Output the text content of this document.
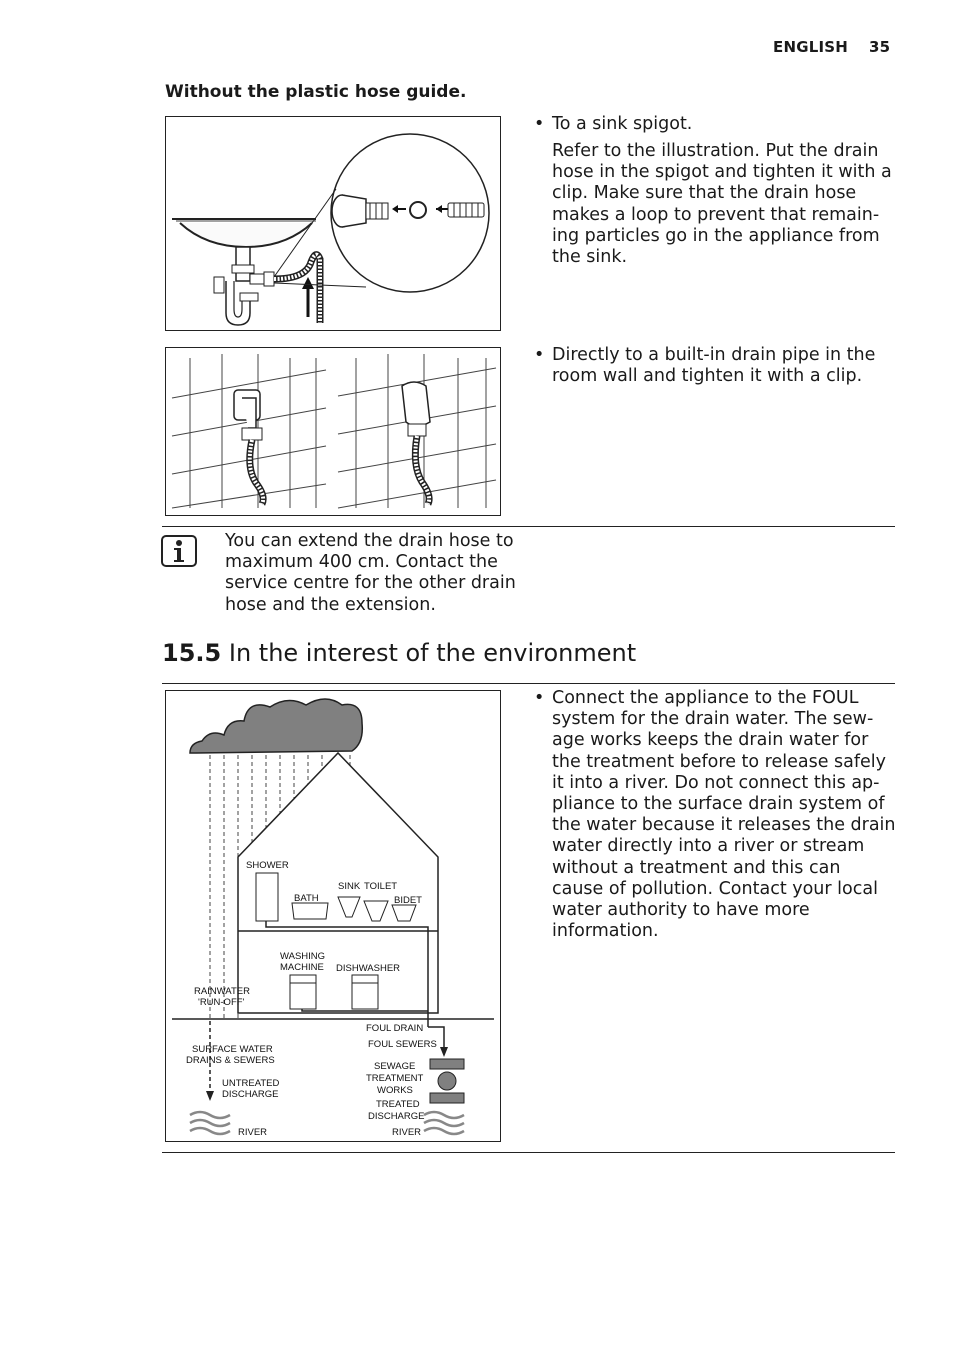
ENGLISH 35
Without the plastic hose guide.
• To a sink spigot.
Refer to the illustration. Put the drain hose in the spigot and tighten it with a clip. Make sure that the drain hose makes a loop to prevent that remain-ing particles go in the appliance from the sink.
• Directly to a built-in drain pipe in the room wall and tighten it with a clip.
You can extend the drain hose to maximum 400 cm. Contact the service centre for the other drain hose and the extension.
15.5 In the interest of the environment
SHOWER
BATH
SINK TOILET
BIDET
WASHING
MACHINE DISHWASHER
RAINWATER
'RUN-OFF'
FOUL DRAIN
FOUL SEWERS
SURFACE WATER
DRAINS & SEWERS
SEWAGE
TREATMENT
WORKS
UNTREATED
DISCHARGE
TREATED
DISCHARGE
RIVER	RIVER
• Connect the appliance to the FOUL system for the drain water. The sew-age works keeps the drain water for the treatment before to release safely it into a river. Do not connect this ap-pliance to the surface drain system of the water because it releases the drain water directly into a river or stream without a treatment and this can cause of pollution. Contact your local water authority to have more information.
